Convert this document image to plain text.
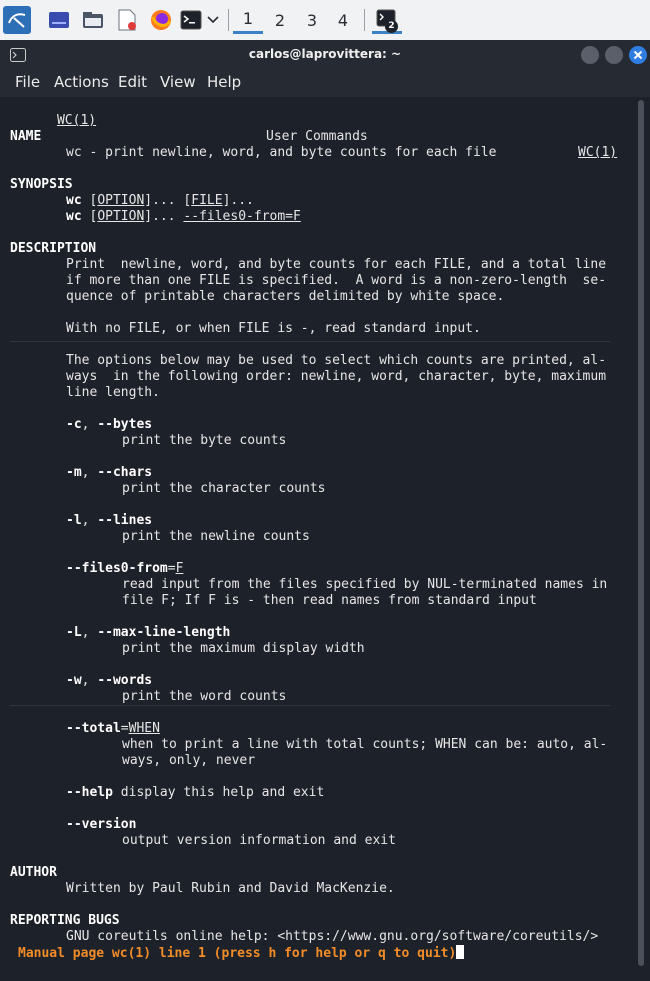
1	2	3	4	2
carlos@laprovittera: ~
File Actions Edit View Help

WC(1)

User Commands

WC(1)

NAME
wc - print newline, word, and byte counts for each file
SYNOPSIS
wc [OPTION]... [FILE]...
wc [OPTION]... --files0-from=F
DESCRIPTION
Print  newline, word, and byte counts for each FILE, and a total line
if more than one FILE is specified.  A word is a non-zero-length  se-
quence of printable characters delimited by white space.
With no FILE, or when FILE is -, read standard input.
The options below may be used to select which counts are printed, al-
ways  in the following order: newline, word, character, byte, maximum
line length.
-c, --bytes
print the byte counts
-m, --chars
print the character counts
-l, --lines
print the newline counts
--files0-from=F
read input from the files specified by NUL-terminated names in
file F; If F is - then read names from standard input
-L, --max-line-length
print the maximum display width
-w, --words
print the word counts
--total=WHEN
when to print a line with total counts; WHEN can be: auto, al-
ways, only, never
--help display this help and exit
--version
output version information and exit
AUTHOR
Written by Paul Rubin and David MacKenzie.
REPORTING BUGS
GNU coreutils online help: <https://www.gnu.org/software/coreutils/>
Manual page wc(1) line 1 (press h for help or q to quit)
